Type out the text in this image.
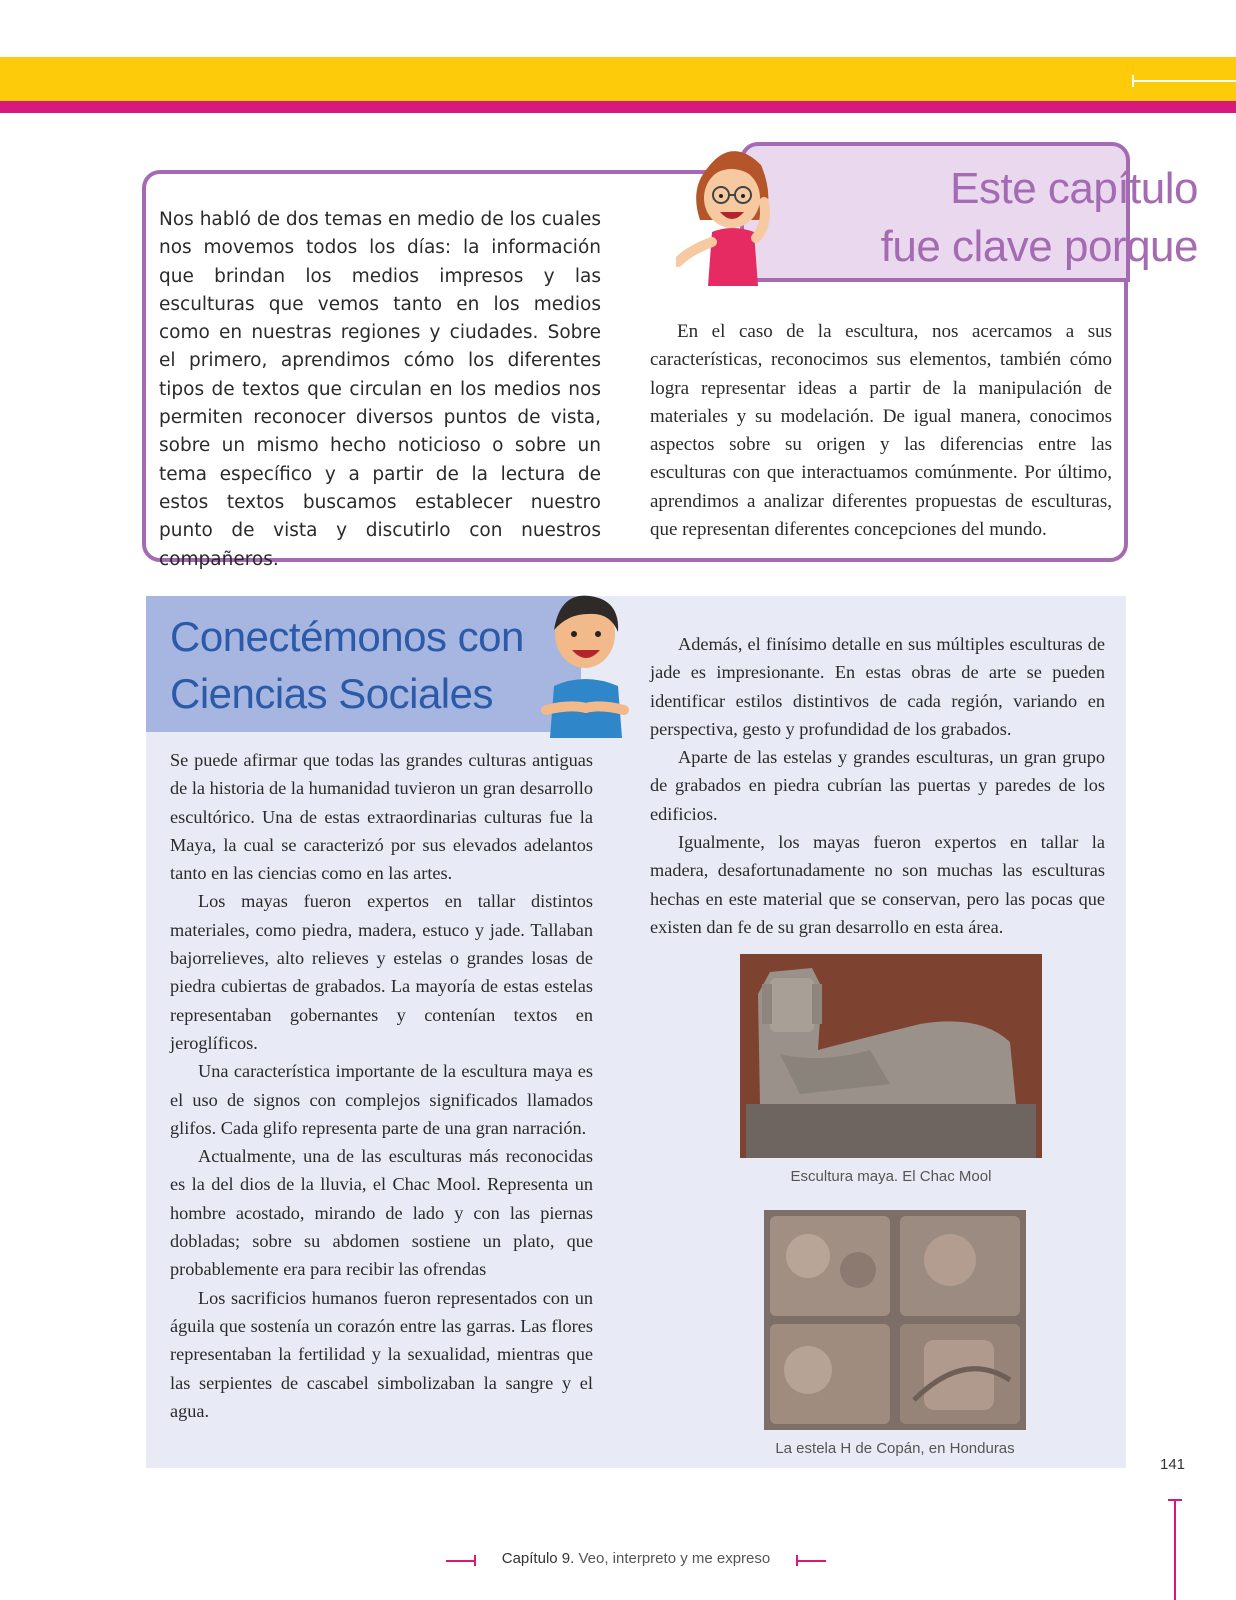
Este capítulo
fue clave porque

Nos habló de dos temas en medio de los cuales nos movemos todos los días: la información que brindan los medios impresos y las esculturas que vemos tanto en los medios como en nuestras regiones y ciudades. Sobre el primero, aprendimos cómo los diferentes tipos de textos que circulan en los medios nos permiten reconocer diversos puntos de vista, sobre un mismo hecho noticioso o sobre un tema específico y a partir de la lectura de estos textos buscamos establecer nuestro punto de vista y discutirlo con nuestros compañeros.

En el caso de la escultura, nos acercamos a sus características, reconocimos sus elementos, también cómo logra representar ideas a partir de la manipulación de materiales y su modelación. De igual manera, conocimos aspectos sobre su origen y las diferencias entre las esculturas con que interactuamos comúnmente. Por último, aprendimos a analizar diferentes propuestas de esculturas, que representan diferentes concepciones del mundo.

Conectémonos con
Ciencias Sociales

Se puede afirmar que todas las grandes culturas antiguas de la historia de la humanidad tuvieron un gran desarrollo escultórico. Una de estas extraordinarias culturas fue la Maya, la cual se caracterizó por sus elevados adelantos tanto en las ciencias como en las artes.

Los mayas fueron expertos en tallar distintos materiales, como piedra, madera, estuco y jade. Tallaban bajorrelieves, alto relieves y estelas o grandes losas de piedra cubiertas de grabados. La mayoría de estas estelas representaban gobernantes y contenían textos en jeroglíficos.

Una característica importante de la escultura maya es el uso de signos con complejos significados llamados glifos. Cada glifo representa parte de una gran narración.

Actualmente, una de las esculturas más reconocidas es la del dios de la lluvia, el Chac Mool. Representa un hombre acostado, mirando de lado y con las piernas dobladas; sobre su abdomen sostiene un plato, que probablemente era para recibir las ofrendas

Los sacrificios humanos fueron representados con un águila que sostenía un corazón entre las garras. Las flores representaban la fertilidad y la sexualidad, mientras que las serpientes de cascabel simbolizaban la sangre y el agua.

Además, el finísimo detalle en sus múltiples esculturas de jade es impresionante. En estas obras de arte se pueden identificar estilos distintivos de cada región, variando en perspectiva, gesto y profundidad de los grabados.

Aparte de las estelas y grandes esculturas, un gran grupo de grabados en piedra cubrían las puertas y paredes de los edificios.

Igualmente, los mayas fueron expertos en tallar la madera, desafortunadamente no son muchas las esculturas hechas en este material que se conservan, pero las pocas que existen dan fe de su gran desarrollo en esta área.

Escultura maya. El Chac Mool

La estela H de Copán, en Honduras

141

Capítulo 9. Veo, interpreto y me expreso
